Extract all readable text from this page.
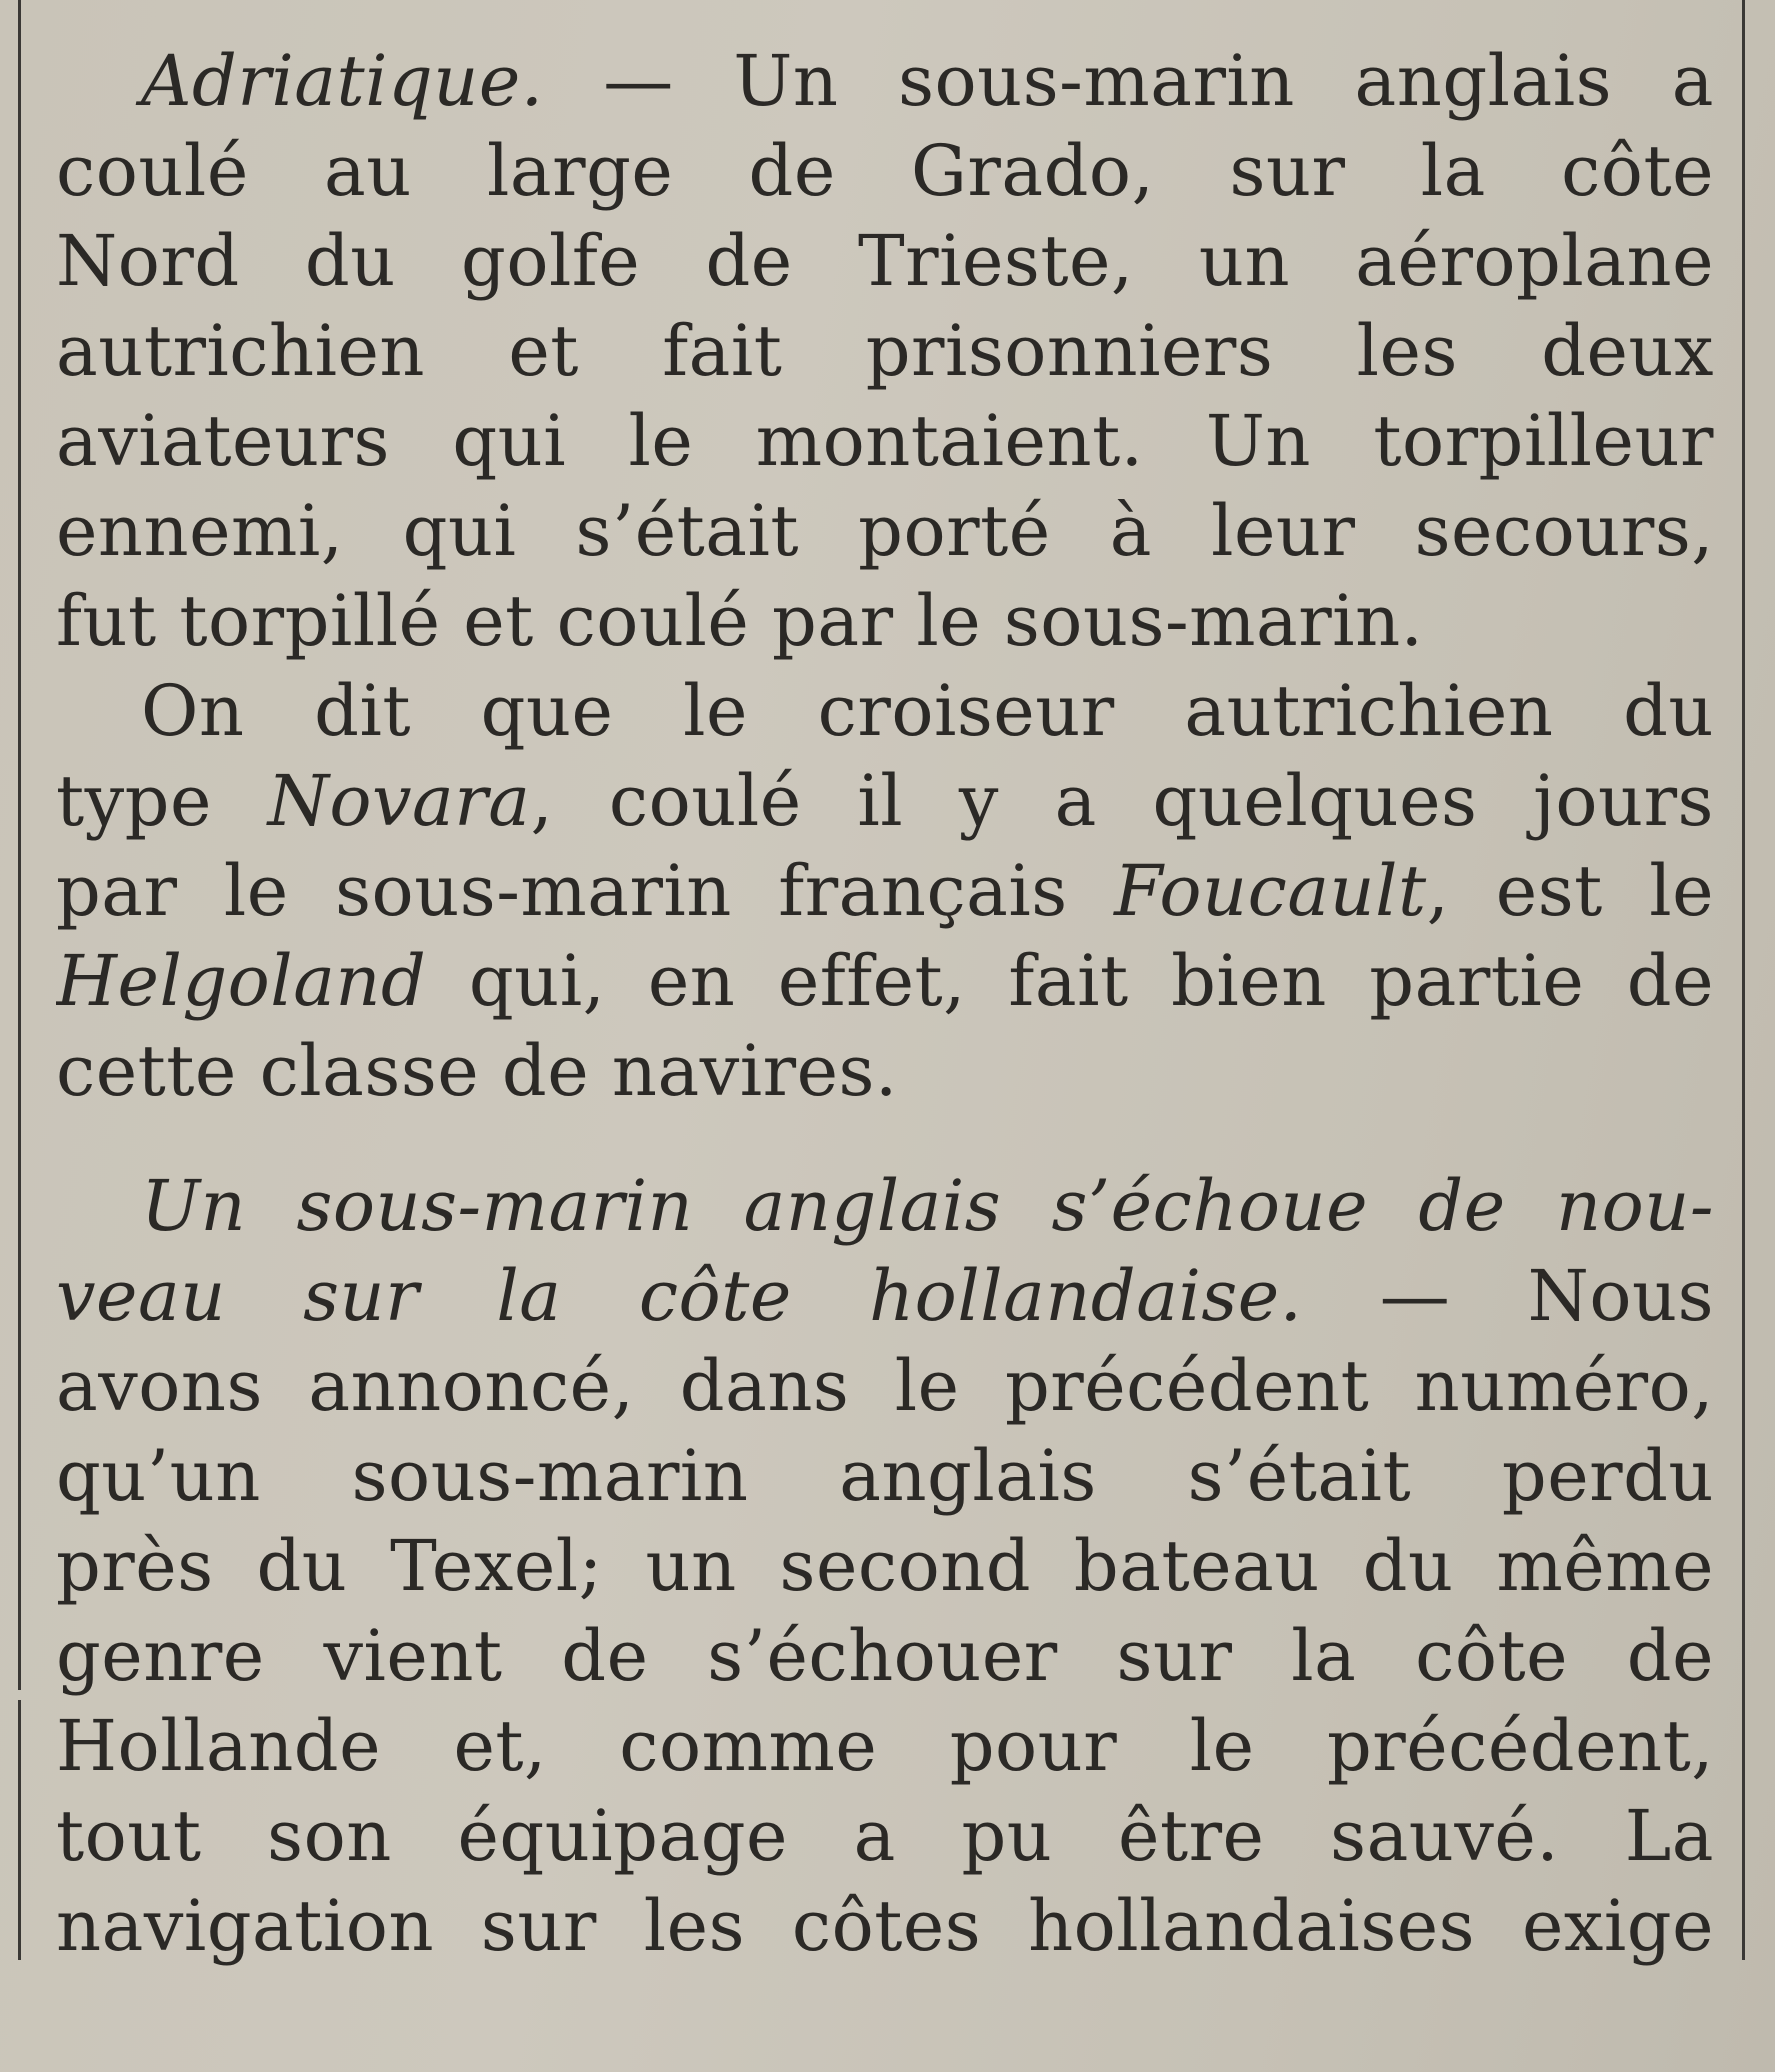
Adriatique. — Un sous-marin anglais a
coulé au large de Grado, sur la côte
Nord du golfe de Trieste, un aéroplane
autrichien et fait prisonniers les deux
aviateurs qui le montaient. Un torpilleur
ennemi, qui s’était porté à leur secours,
fut torpillé et coulé par le sous-marin.
On dit que le croiseur autrichien du
type Novara, coulé il y a quelques jours
par le sous-marin français Foucault, est le
Helgoland qui, en effet, fait bien partie de
cette classe de navires.
Un sous-marin anglais s’échoue de nou-
veau sur la côte hollandaise. — Nous
avons annoncé, dans le précédent numéro,
qu’un sous-marin anglais s’était perdu
près du Texel; un second bateau du même
genre vient de s’échouer sur la côte de
Hollande et, comme pour le précédent,
tout son équipage a pu être sauvé. La
navigation sur les côtes hollandaises exige
